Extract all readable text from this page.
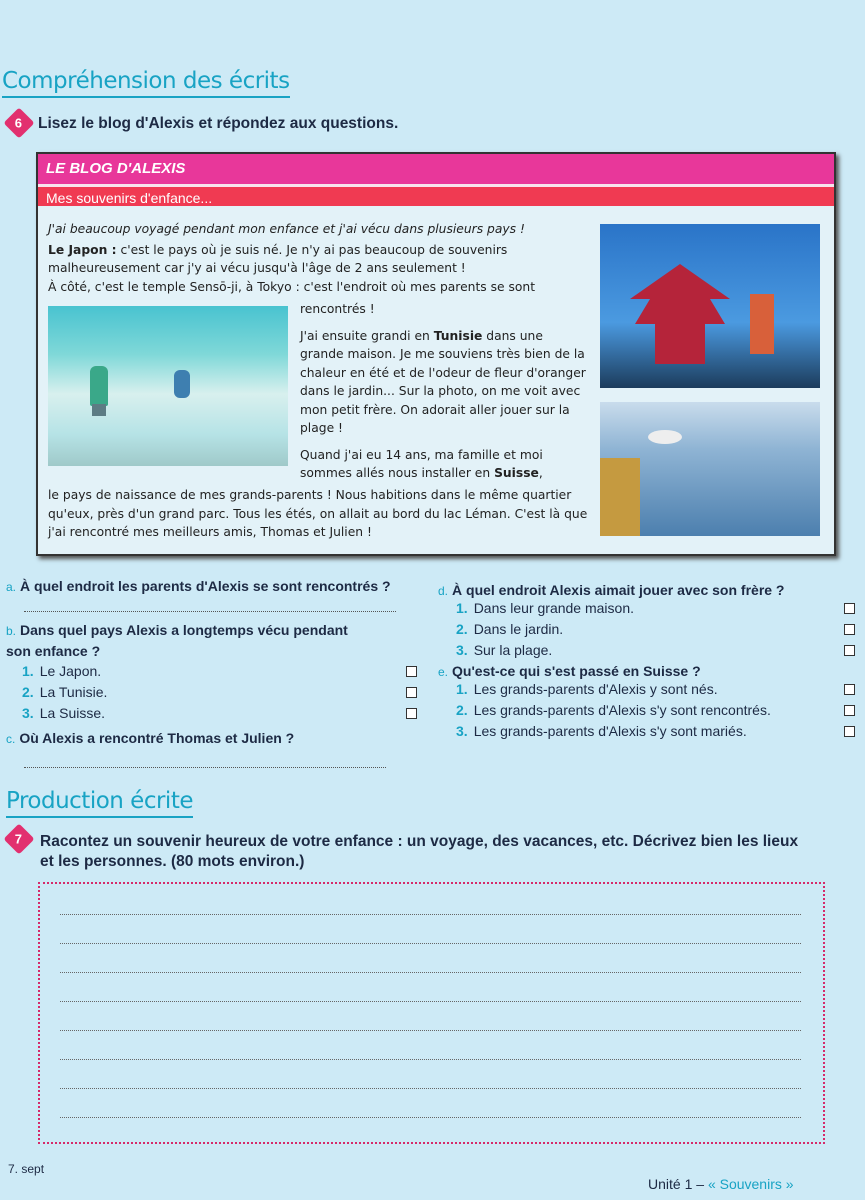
Compréhension des écrits
6 Lisez le blog d'Alexis et répondez aux questions.
LE BLOG D'ALEXIS
Mes souvenirs d'enfance...
J'ai beaucoup voyagé pendant mon enfance et j'ai vécu dans plusieurs pays !
Le Japon : c'est le pays où je suis né. Je n'y ai pas beaucoup de souvenirs malheureusement car j'y ai vécu jusqu'à l'âge de 2 ans seulement !
À côté, c'est le temple Sensō-ji, à Tokyo : c'est l'endroit où mes parents se sont
rencontrés !
J'ai ensuite grandi en Tunisie dans une grande maison. Je me souviens très bien de la chaleur en été et de l'odeur de fleur d'oranger dans le jardin... Sur la photo, on me voit avec mon petit frère. On adorait aller jouer sur la plage !
Quand j'ai eu 14 ans, ma famille et moi sommes allés nous installer en Suisse,
le pays de naissance de mes grands-parents ! Nous habitions dans le même quartier qu'eux, près d'un grand parc. Tous les étés, on allait au bord du lac Léman. C'est là que j'ai rencontré mes meilleurs amis, Thomas et Julien !
a. À quel endroit les parents d'Alexis se sont rencontrés ?
b. Dans quel pays Alexis a longtemps vécu pendant son enfance ?
1. Le Japon.
2. La Tunisie.
3. La Suisse.
c. Où Alexis a rencontré Thomas et Julien ?
d. À quel endroit Alexis aimait jouer avec son frère ?
1. Dans leur grande maison.
2. Dans le jardin.
3. Sur la plage.
e. Qu'est-ce qui s'est passé en Suisse ?
1. Les grands-parents d'Alexis y sont nés.
2. Les grands-parents d'Alexis s'y sont rencontrés.
3. Les grands-parents d'Alexis s'y sont mariés.
Production écrite
7 Racontez un souvenir heureux de votre enfance : un voyage, des vacances, etc. Décrivez bien les lieux et les personnes. (80 mots environ.)
7. sept
Unité 1 – « Souvenirs »
